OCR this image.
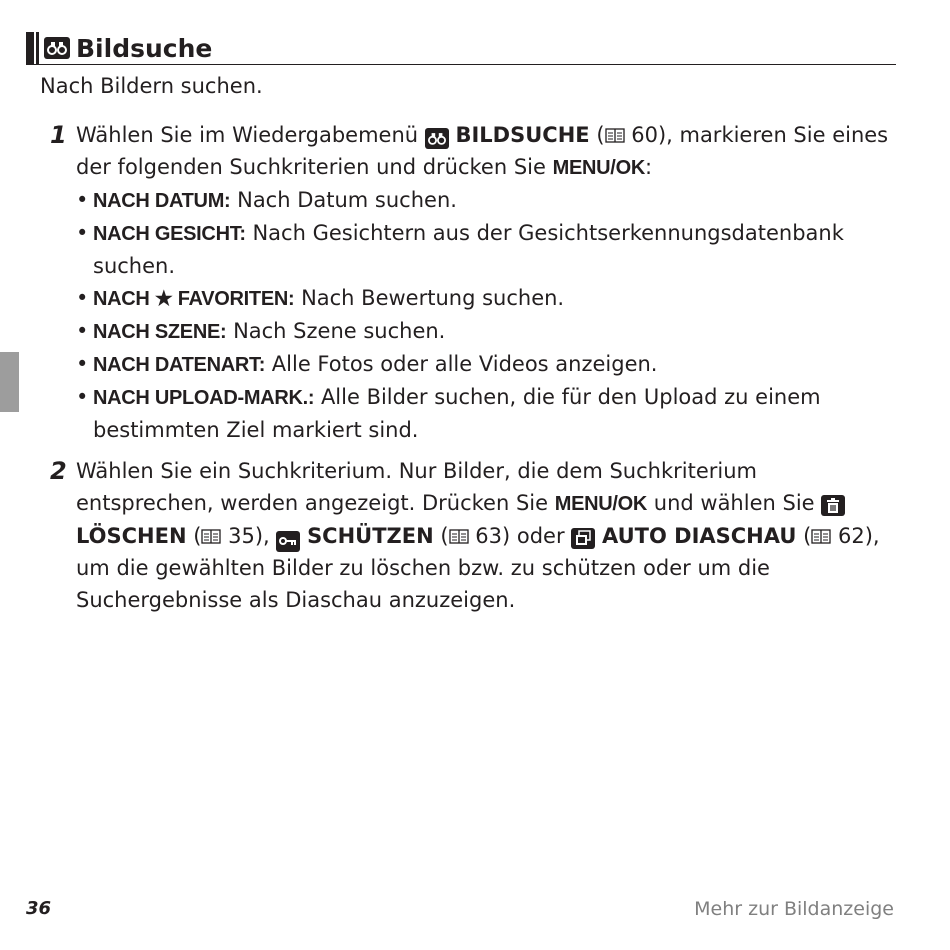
Bildsuche
Nach Bildern suchen.
1 Wählen Sie im Wiedergabemenü BILDSUCHE ( 60), markieren Sie eines der folgenden Suchkriterien und drücken Sie MENU/OK:
• NACH DATUM: Nach Datum suchen.
• NACH GESICHT: Nach Gesichtern aus der Gesichtserkennungsdatenbank suchen.
• NACH ★ FAVORITEN: Nach Bewertung suchen.
• NACH SZENE: Nach Szene suchen.
• NACH DATENART: Alle Fotos oder alle Videos anzeigen.
• NACH UPLOAD-MARK.: Alle Bilder suchen, die für den Upload zu einem bestimmten Ziel markiert sind.
2 Wählen Sie ein Suchkriterium. Nur Bilder, die dem Suchkriterium entsprechen, werden angezeigt. Drücken Sie MENU/OK und wählen Sie
LÖSCHEN ( 35),
SCHÜTZEN ( 63) oder AUTO DIASCHAU ( 62), um die gewählten Bilder zu löschen bzw. zu schützen oder um die Suchergebnisse als Diaschau anzuzeigen.
36	Mehr zur Bildanzeige
